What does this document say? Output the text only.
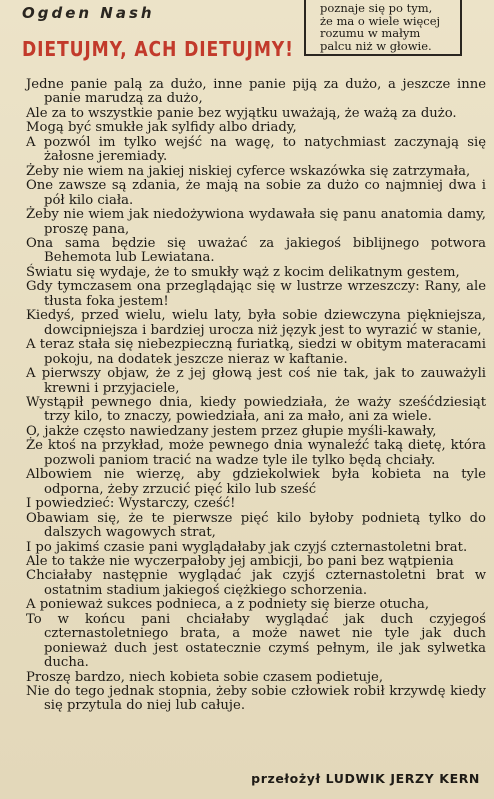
Ogden Nash
DIETUJMY, ACH DIETUJMY!
poznaje się po tym,
że ma o wiele więcej
rozumu w małym
palcu niż w głowie.
Jedne panie palą za dużo, inne panie piją za dużo, a jeszcze inne panie marudzą za dużo,
Ale za to wszystkie panie bez wyjątku uważają, że ważą za dużo.
Mogą być smukłe jak sylfidy albo driady,
A pozwól im tylko wejść na wagę, to natychmiast zaczynają się żałosne jeremiady.
Żeby nie wiem na jakiej niskiej cyferce wskazówka się zatrzymała,
One zawsze są zdania, że mają na sobie za dużo co najmniej dwa i pół kilo ciała.
Żeby nie wiem jak niedożywiona wydawała się panu anatomia damy, proszę pana,
Ona sama będzie się uważać za jakiegoś biblijnego potwora Behemota lub Lewiatana.
Światu się wydaje, że to smukły wąż z kocim delikatnym gestem,
Gdy tymczasem ona przeglądając się w lustrze wrzeszczy: Rany, ale tłusta foka jestem!
Kiedyś, przed wielu, wielu laty, była sobie dziewczyna piękniejsza, dowcipniejsza i bardziej urocza niż język jest to wyrazić w stanie,
A teraz stała się niebezpieczną furiatką, siedzi w obitym materacami pokoju, na dodatek jeszcze nieraz w kaftanie.
A pierwszy objaw, że z jej głową jest coś nie tak, jak to zauważyli krewni i przyjaciele,
Wystąpił pewnego dnia, kiedy powiedziała, że waży sześćdziesiąt trzy kilo, to znaczy, powiedziała, ani za mało, ani za wiele.
O, jakże często nawiedzany jestem przez głupie myśli-kawały,
Że ktoś na przykład, może pewnego dnia wynaleźć taką dietę, która pozwoli paniom tracić na wadze tyle ile tylko będą chciały.
Albowiem nie wierzę, aby gdziekolwiek była kobieta na tyle odporna, żeby zrzucić pięć kilo lub sześć
I powiedzieć: Wystarczy, cześć!
Obawiam się, że te pierwsze pięć kilo byłoby podnietą tylko do dalszych wagowych strat,
I po jakimś czasie pani wyglądałaby jak czyjś czternastoletni brat.
Ale to także nie wyczerpałoby jej ambicji, bo pani bez wątpienia
Chciałaby następnie wyglądać jak czyjś czternastoletni brat w ostatnim stadium jakiegoś ciężkiego schorzenia.
A ponieważ sukces podnieca, a z podniety się bierze otucha,
To w końcu pani chciałaby wyglądać jak duch czyjegoś czternastoletniego brata, a może nawet nie tyle jak duch ponieważ duch jest ostatecznie czymś pełnym, ile jak sylwetka ducha.
Proszę bardzo, niech kobieta sobie czasem podietuje,
Nie do tego jednak stopnia, żeby sobie człowiek robił krzywdę kiedy się przytula do niej lub całuje.
przełożył LUDWIK JERZY KERN
